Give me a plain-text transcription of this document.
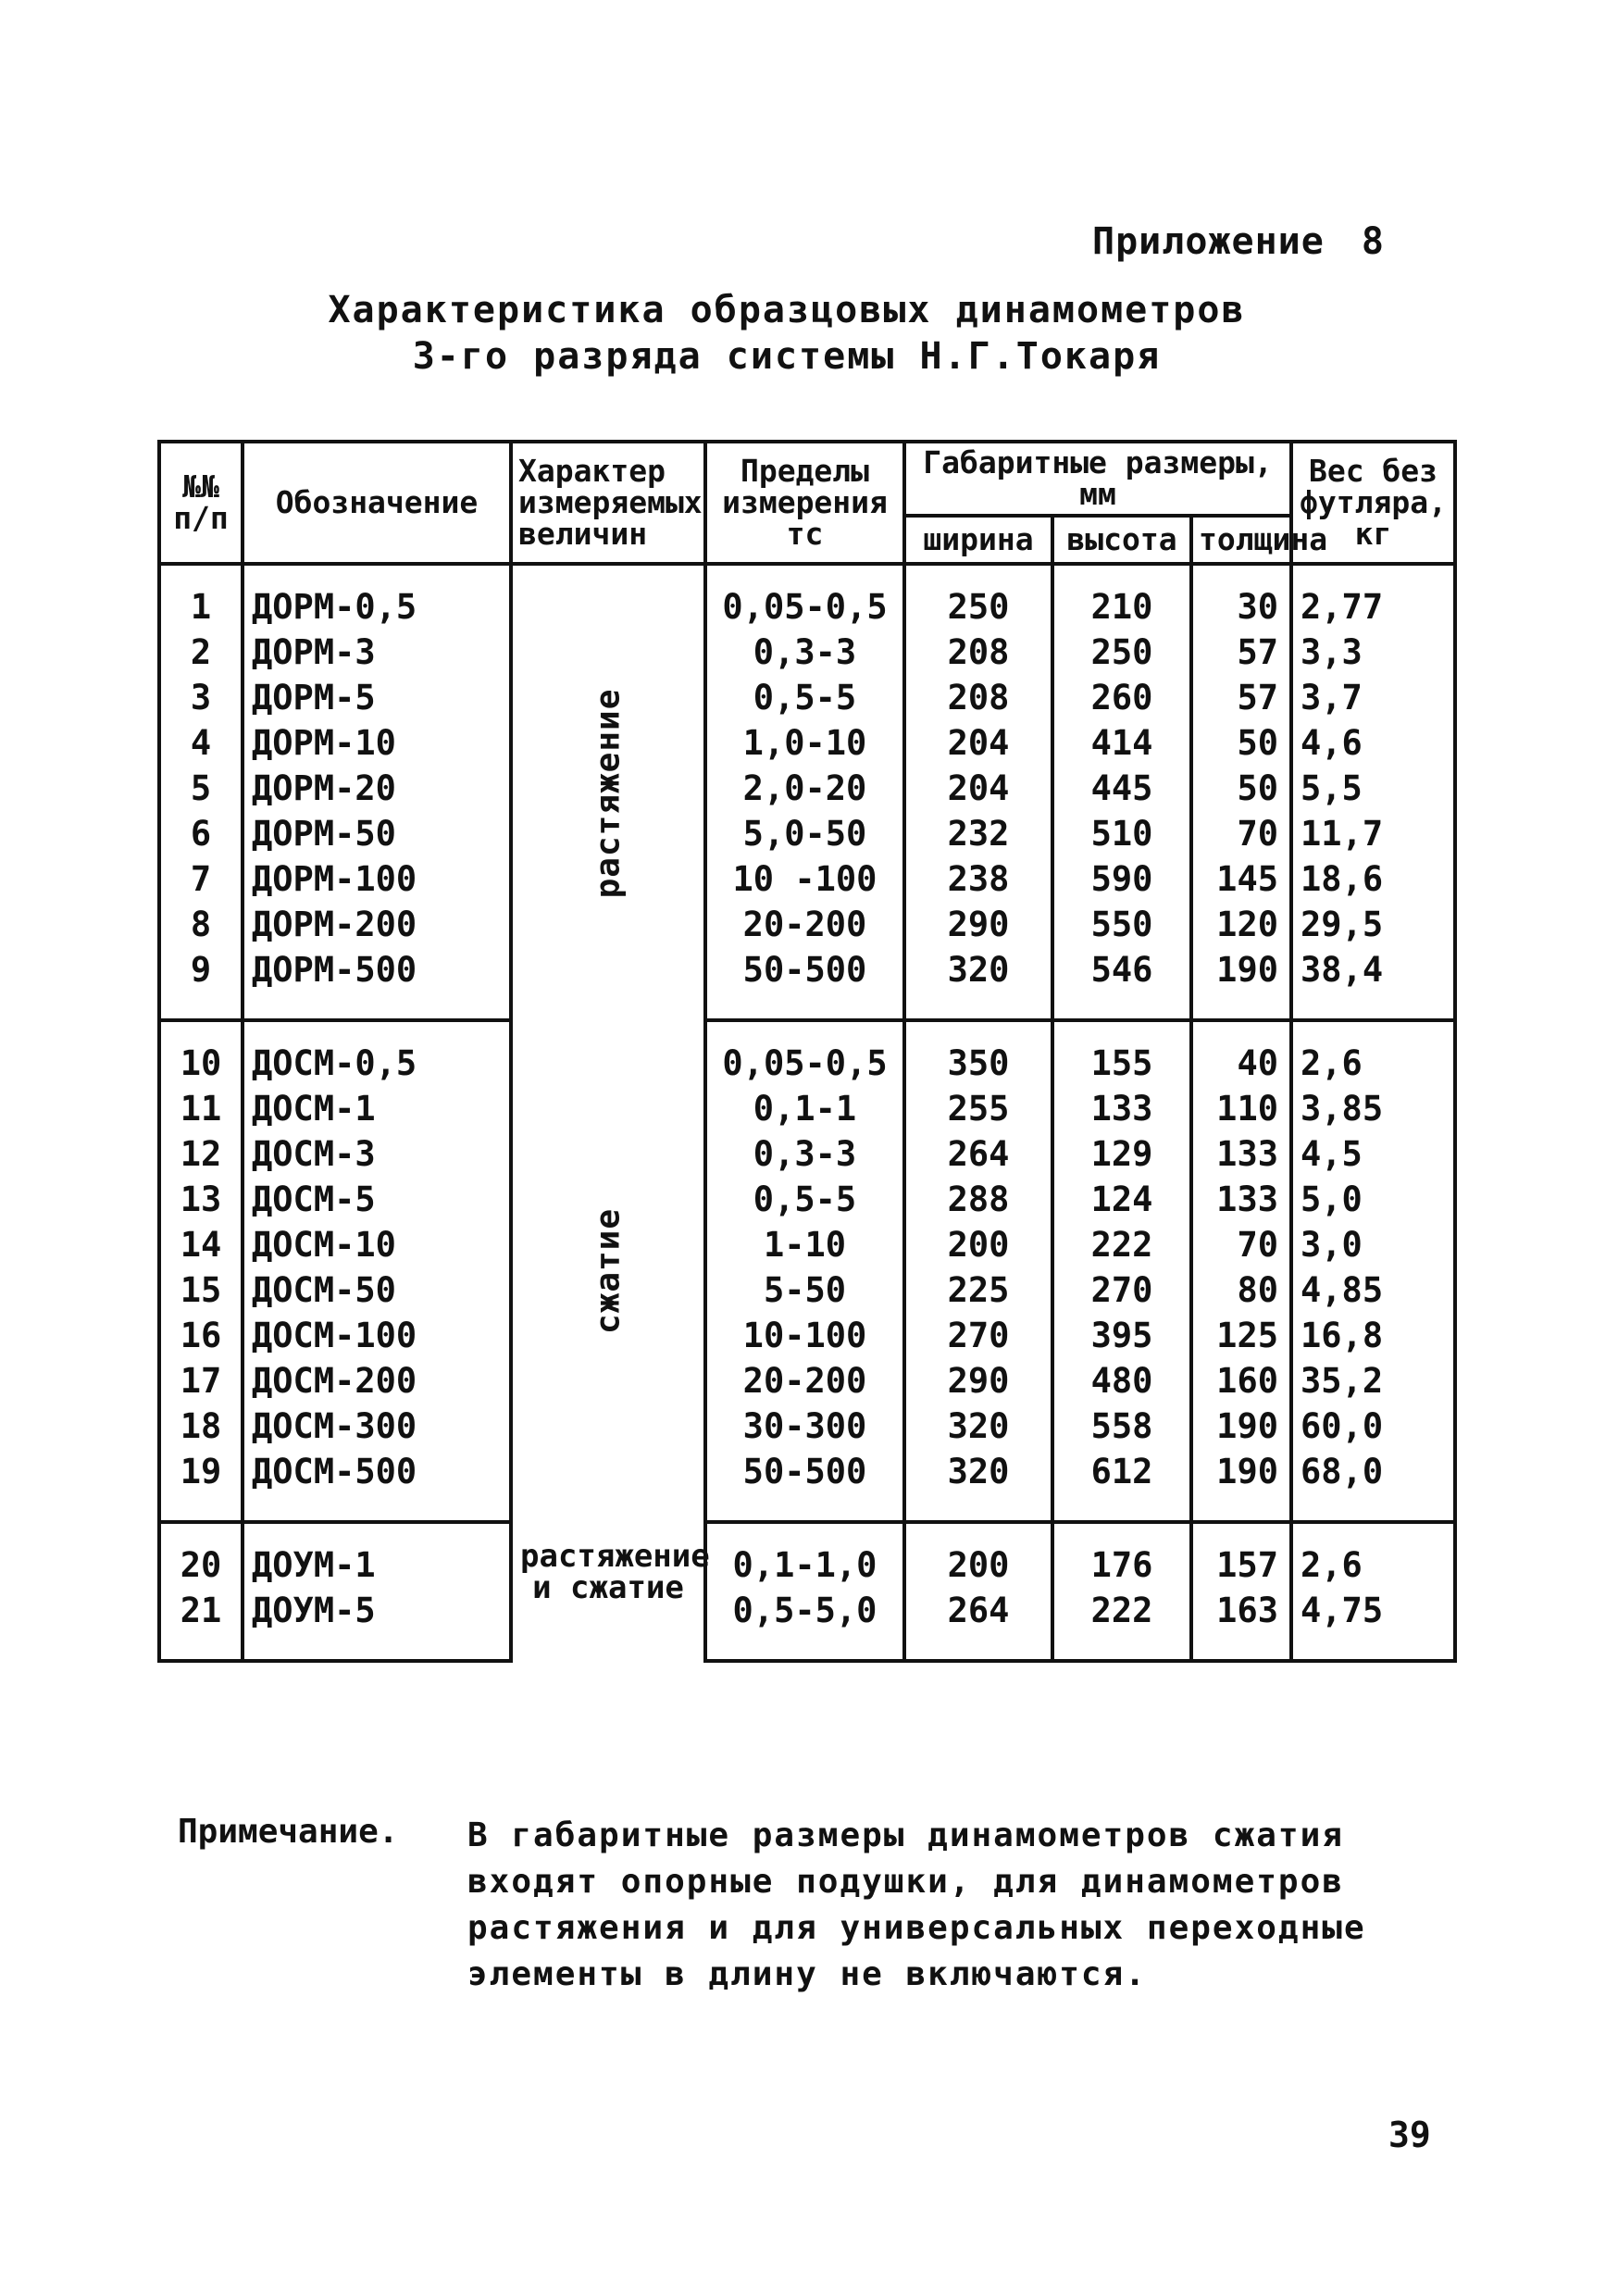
Приложение 8
Характеристика образцовых динамометров
3-го разряда системы Н.Г.Токаря
№№ п/п	Обозначение	Характер измеряемых величин	Пределы измерения тс	Габаритные размеры, мм			Вес без футляра, кг
				ширина	высота	толщина	
1	ДОРМ-0,5	растяжение	0,05-0,5	250	210	30	2,77
2	ДОРМ-3		0,3-3	208	250	57	3,3
3	ДОРМ-5		0,5-5	208	260	57	3,7
4	ДОРМ-10		1,0-10	204	414	50	4,6
5	ДОРМ-20		2,0-20	204	445	50	5,5
6	ДОРМ-50		5,0-50	232	510	70	11,7
7	ДОРМ-100		10 -100	238	590	145	18,6
8	ДОРМ-200		20-200	290	550	120	29,5
9	ДОРМ-500		50-500	320	546	190	38,4
10	ДОСМ-0,5	сжатие	0,05-0,5	350	155	40	2,6
11	ДОСМ-1		0,1-1	255	133	110	3,85
12	ДОСМ-3		0,3-3	264	129	133	4,5
13	ДОСМ-5		0,5-5	288	124	133	5,0
14	ДОСМ-10		1-10	200	222	70	3,0
15	ДОСМ-50		5-50	225	270	80	4,85
16	ДОСМ-100		10-100	270	395	125	16,8
17	ДОСМ-200		20-200	290	480	160	35,2
18	ДОСМ-300		30-300	320	558	190	60,0
19	ДОСМ-500		50-500	320	612	190	68,0
20	ДОУМ-1	растяжение и сжатие	0,1-1,0	200	176	157	2,6
21	ДОУМ-5		0,5-5,0	264	222	163	4,75
Примечание. В габаритные размеры динамометров сжатия
входят опорные подушки, для динамометров
растяжения и для универсальных переходные
элементы в длину не включаются.
39
